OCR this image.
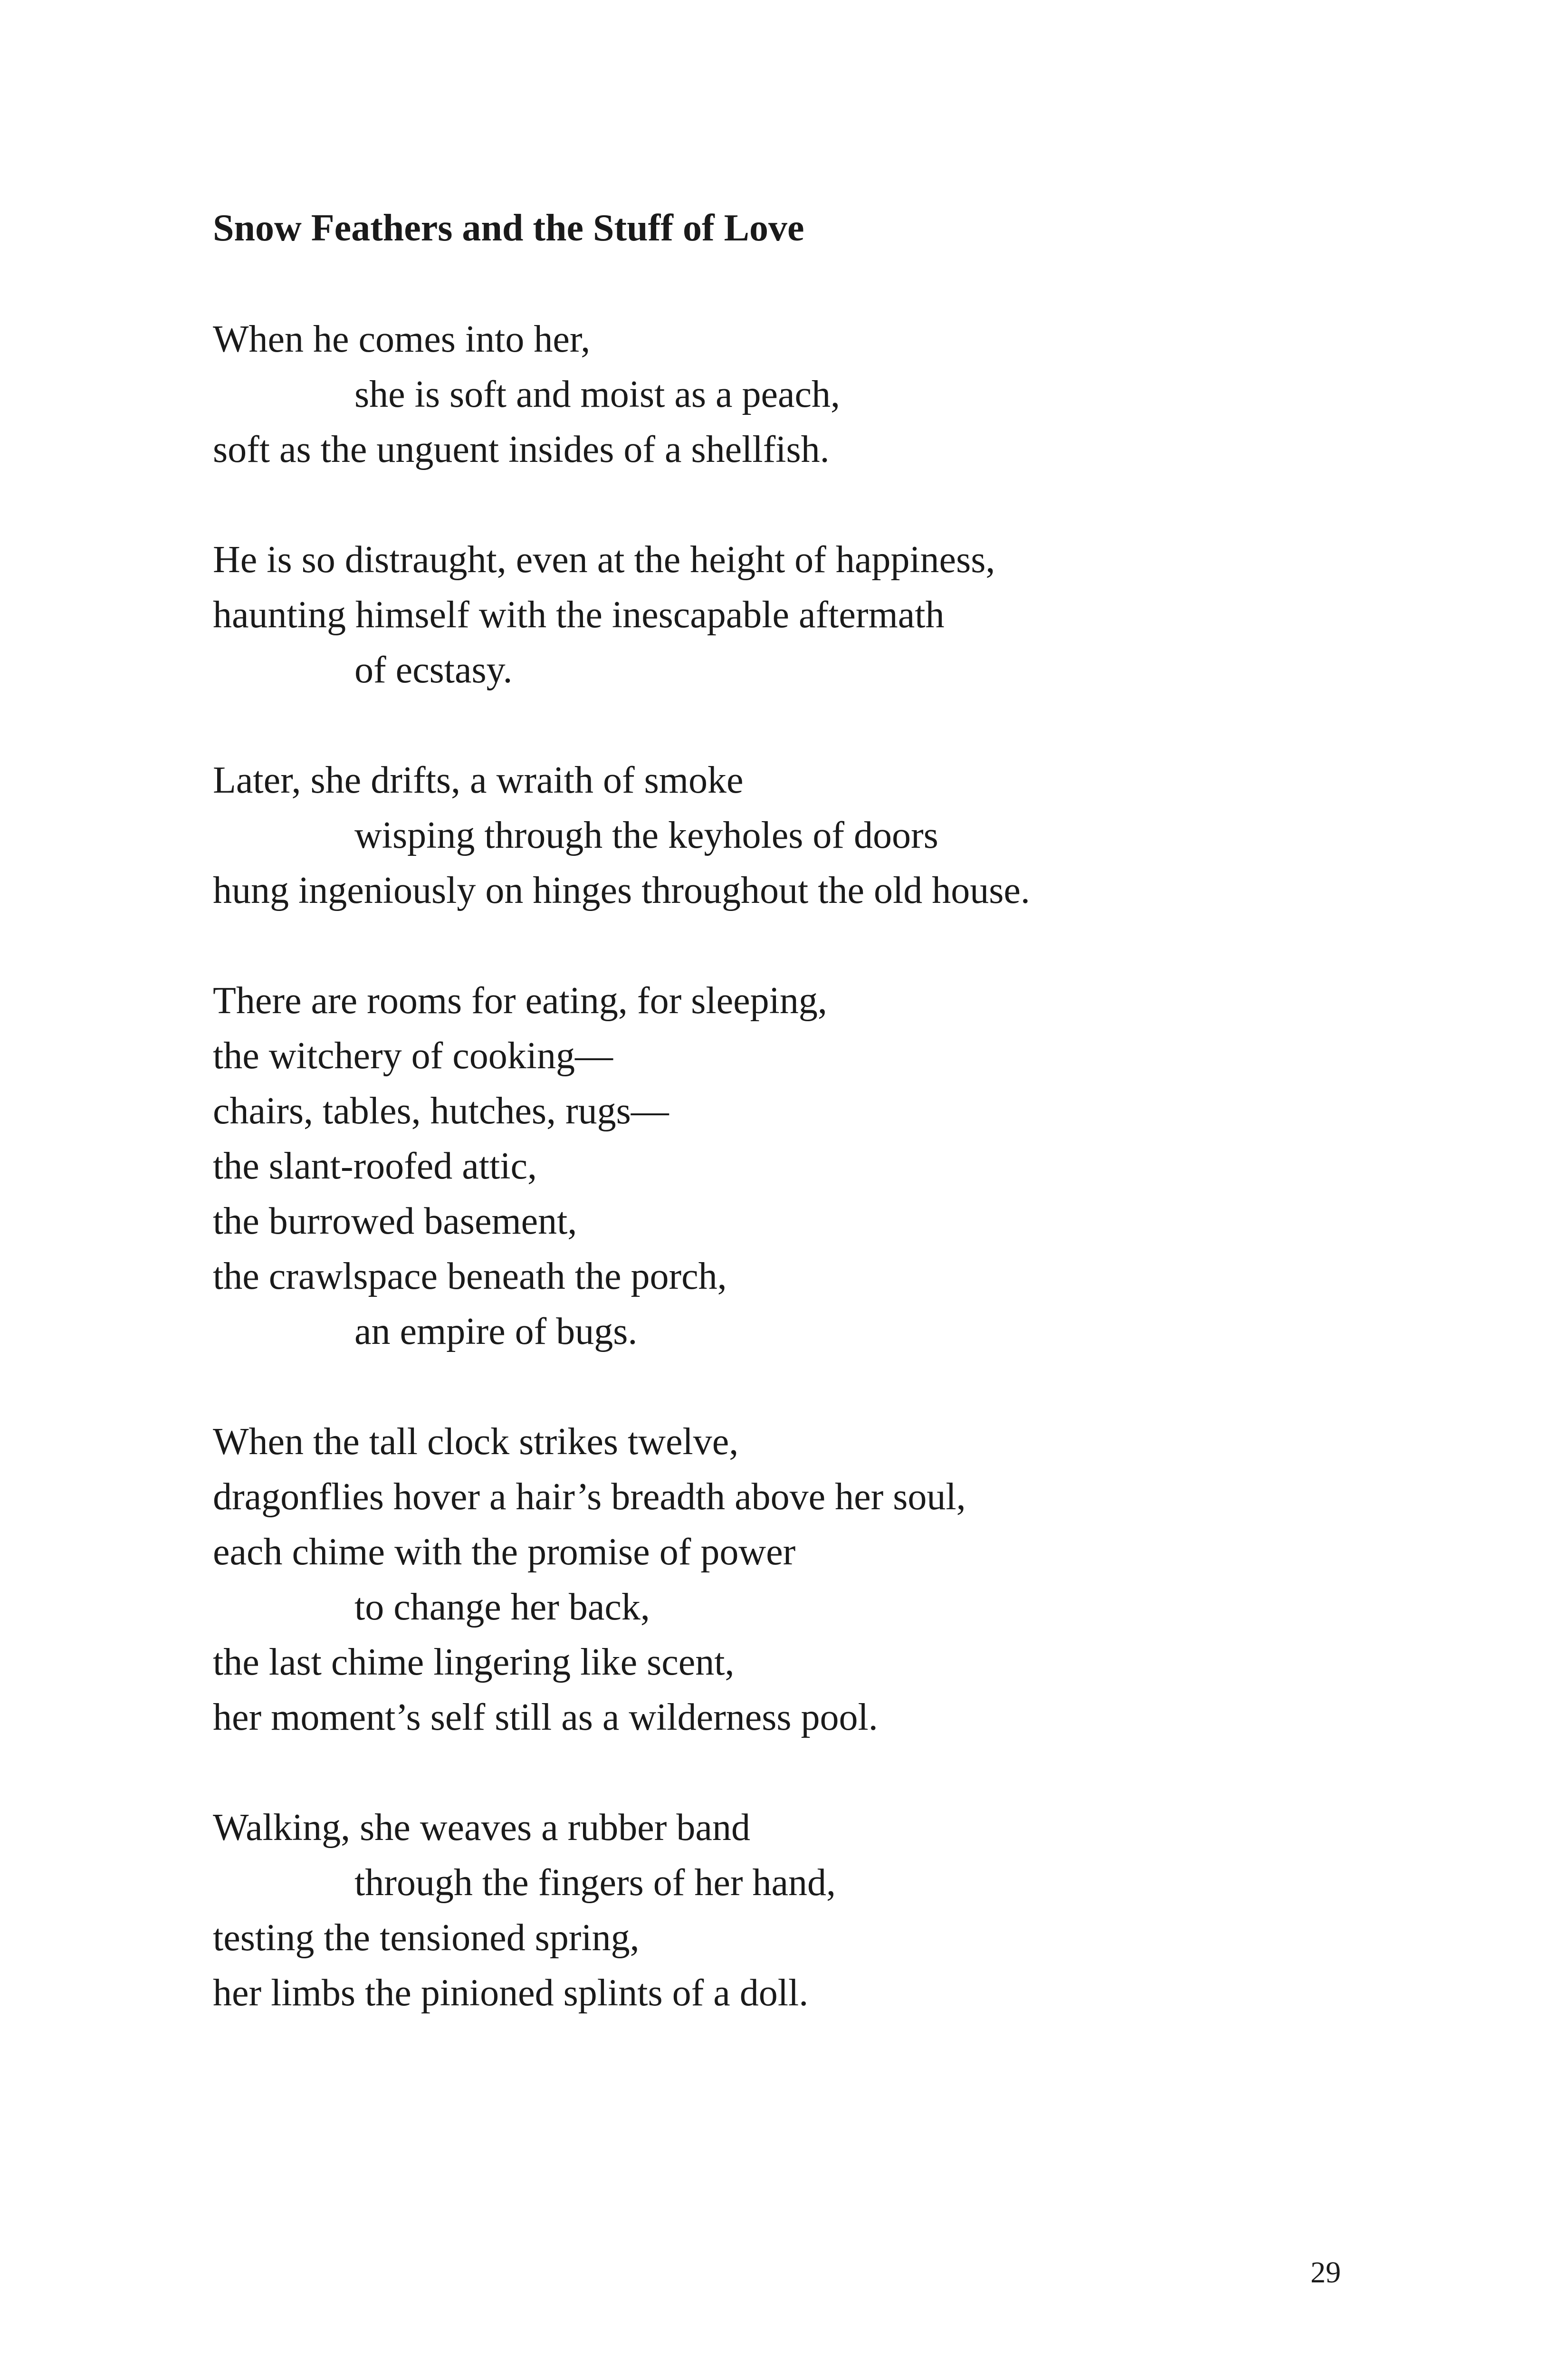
Snow Feathers and the Stuff of Love
When he comes into her,
she is soft and moist as a peach,
soft as the unguent insides of a shellfish.
He is so distraught, even at the height of happiness,
haunting himself with the inescapable aftermath
of ecstasy.
Later, she drifts, a wraith of smoke
wisping through the keyholes of doors
hung ingeniously on hinges throughout the old house.
There are rooms for eating, for sleeping,
the witchery of cooking—
chairs, tables, hutches, rugs—
the slant-roofed attic,
the burrowed basement,
the crawlspace beneath the porch,
an empire of bugs.
When the tall clock strikes twelve,
dragonflies hover a hair’s breadth above her soul,
each chime with the promise of power
to change her back,
the last chime lingering like scent,
her moment’s self still as a wilderness pool.
Walking, she weaves a rubber band
through the fingers of her hand,
testing the tensioned spring,
her limbs the pinioned splints of a doll.
29
